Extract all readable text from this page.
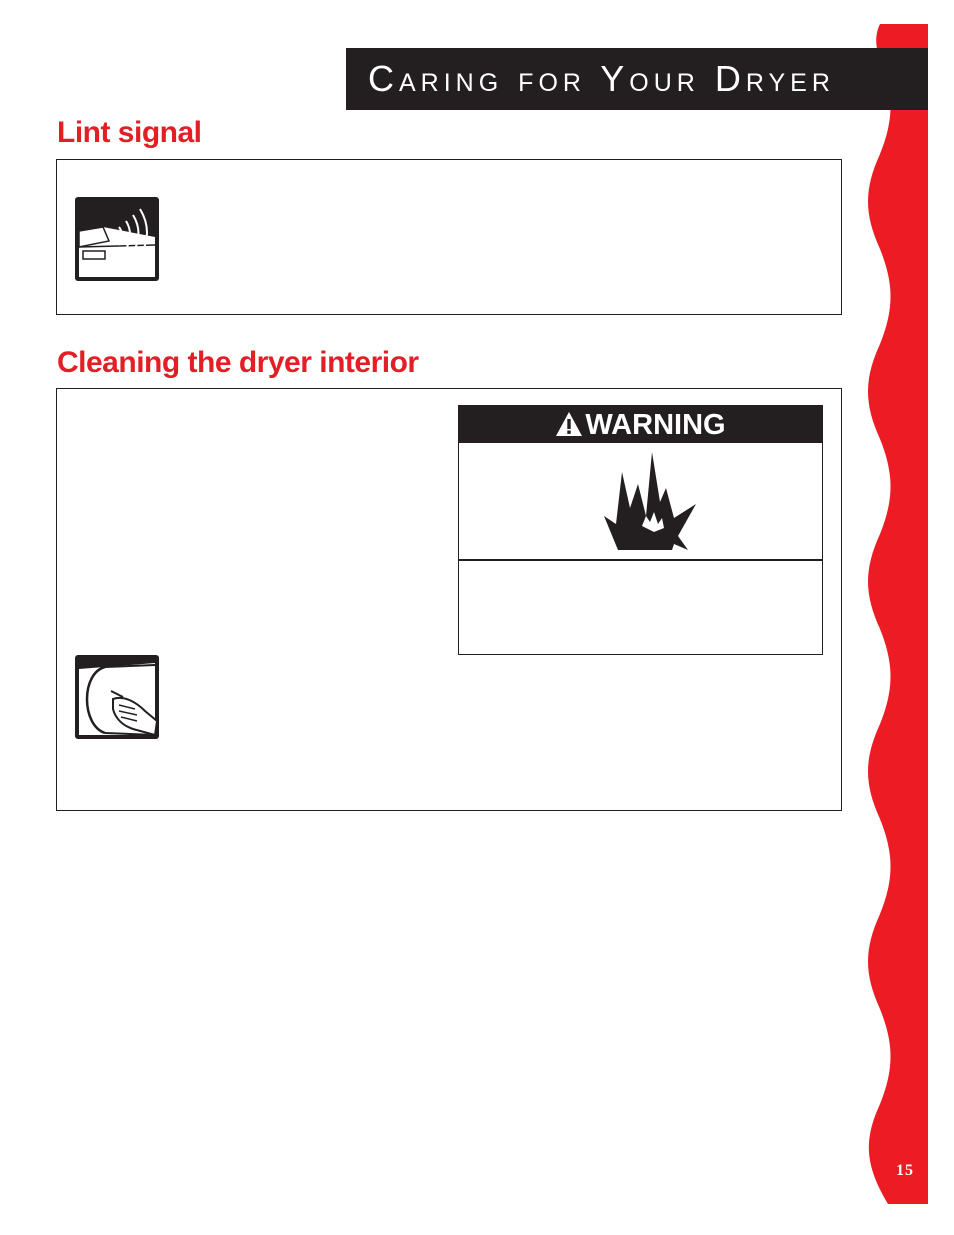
Caring for Your Dryer
Lint signal
Cleaning the dryer interior
WARNING
15
